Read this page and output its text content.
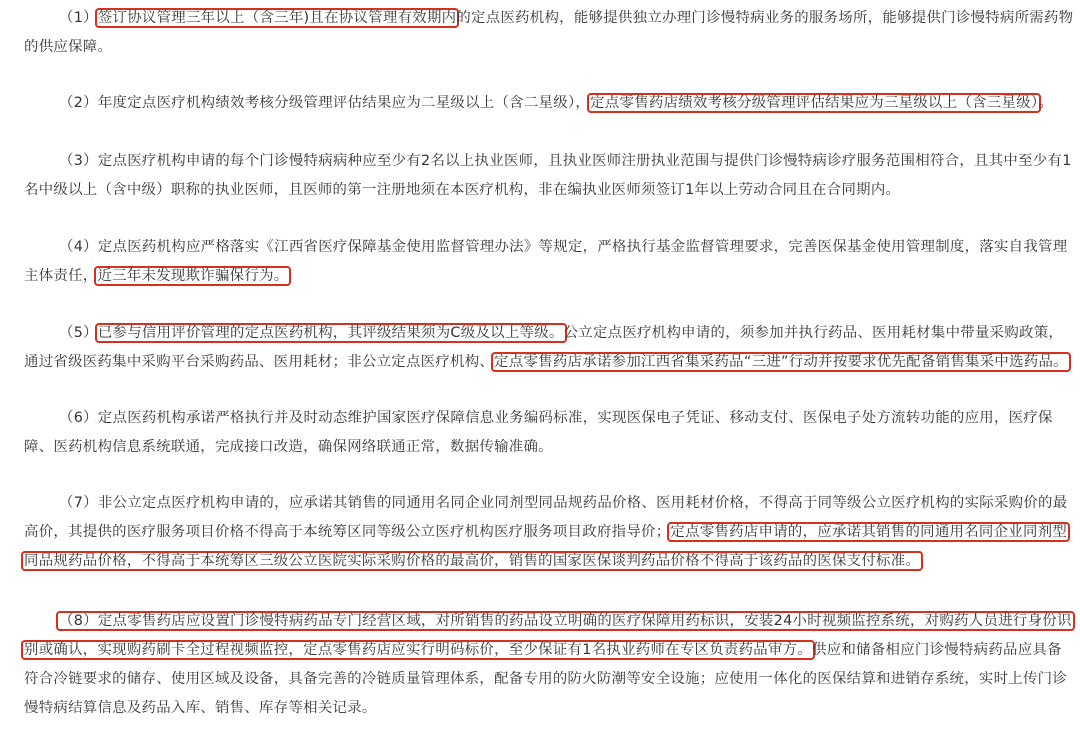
（1）签订协议管理三年以上（含三年)且在协议管理有效期内的定点医药机构，能够提供独立办理门诊慢特病业务的服务场所，能够提供门诊慢特病所需药物
的供应保障。
（2）年度定点医疗机构绩效考核分级管理评估结果应为二星级以上（含二星级），定点零售药店绩效考核分级管理评估结果应为三星级以上（含三星级）。
（3）定点医疗机构申请的每个门诊慢特病病种应至少有2名以上执业医师，且执业医师注册执业范围与提供门诊慢特病诊疗服务范围相符合，且其中至少有1
名中级以上（含中级）职称的执业医师，且医师的第一注册地须在本医疗机构，非在编执业医师须签订1年以上劳动合同且在合同期内。
（4）定点医药机构应严格落实《江西省医疗保障基金使用监督管理办法》等规定，严格执行基金监督管理要求，完善医保基金使用管理制度，落实自我管理
主体责任，近三年未发现欺诈骗保行为。
（5）已参与信用评价管理的定点医药机构，其评级结果须为C级及以上等级。公立定点医疗机构申请的，须参加并执行药品、医用耗材集中带量采购政策，
通过省级医药集中采购平台采购药品、医用耗材；非公立定点医疗机构、定点零售药店承诺参加江西省集采药品“三进”行动并按要求优先配备销售集采中选药品。
（6）定点医药机构承诺严格执行并及时动态维护国家医疗保障信息业务编码标准，实现医保电子凭证、移动支付、医保电子处方流转功能的应用，医疗保
障、医药机构信息系统联通，完成接口改造，确保网络联通正常，数据传输准确。
（7）非公立定点医疗机构申请的，应承诺其销售的同通用名同企业同剂型同品规药品价格、医用耗材价格，不得高于同等级公立医疗机构的实际采购价的最
高价，其提供的医疗服务项目价格不得高于本统筹区同等级公立医疗机构医疗服务项目政府指导价；定点零售药店申请的，应承诺其销售的同通用名同企业同剂型
同品规药品价格，不得高于本统筹区三级公立医院实际采购价格的最高价，销售的国家医保谈判药品价格不得高于该药品的医保支付标准。
（8）定点零售药店应设置门诊慢特病药品专门经营区域，对所销售的药品设立明确的医疗保障用药标识，安装24小时视频监控系统，对购药人员进行身份识
别或确认，实现购药刷卡全过程视频监控，定点零售药店应实行明码标价，至少保证有1名执业药师在专区负责药品审方。供应和储备相应门诊慢特病药品应具备
符合冷链要求的储存、使用区域及设备，具备完善的冷链质量管理体系，配备专用的防火防潮等安全设施；应使用一体化的医保结算和进销存系统，实时上传门诊
慢特病结算信息及药品入库、销售、库存等相关记录。
